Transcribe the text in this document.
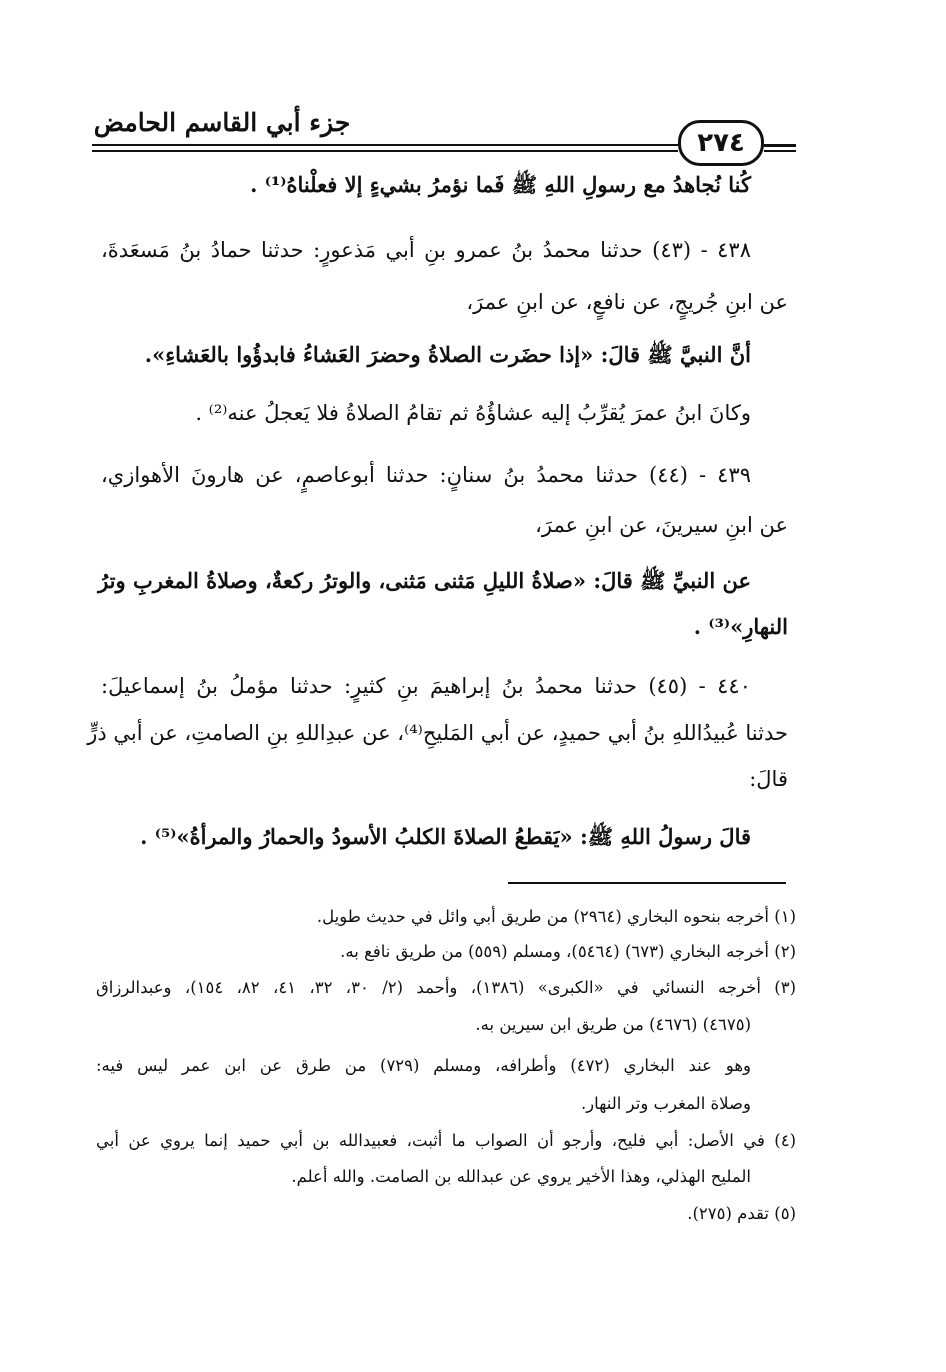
جزء أبي القاسم الحامض
٢٧٤
كُنا نُجاهدُ مع رسولِ اللهِ ﷺ فَما نؤمرُ بشيءٍ إلا فعلْناهُ⁽¹⁾ .
٤٣٨ - (٤٣) حدثنا محمدُ بنُ عمرو بنِ أبي مَذعورٍ: حدثنا حمادُ بنُ مَسعَدةَ،
عن ابنِ جُريجٍ، عن نافعٍ، عن ابنِ عمرَ،
أنَّ النبيَّ ﷺ قالَ: «إذا حضَرت الصلاةُ وحضرَ العَشاءُ فابدؤُوا بالعَشاءِ».
وكانَ ابنُ عمرَ يُقرِّبُ إليه عشاؤُهُ ثم تقامُ الصلاةُ فلا يَعجلُ عنه⁽²⁾ .
٤٣٩ - (٤٤) حدثنا محمدُ بنُ سنانٍ: حدثنا أبوعاصمٍ، عن هارونَ الأهوازي،
عن ابنِ سيرينَ، عن ابنِ عمرَ،
عن النبيِّ ﷺ قالَ: «صلاةُ الليلِ مَثنى مَثنى، والوترُ ركعةٌ، وصلاةُ المغربِ وترُ
النهارِ»⁽³⁾ .
٤٤٠ - (٤٥) حدثنا محمدُ بنُ إبراهيمَ بنِ كثيرٍ: حدثنا مؤملُ بنُ إسماعيلَ:
حدثنا عُبيدُاللهِ بنُ أبي حميدٍ، عن أبي المَليحِ⁽⁴⁾، عن عبدِاللهِ بنِ الصامتِ، عن أبي ذرٍّ
قالَ:
قالَ رسولُ اللهِ ﷺ: «يَقطعُ الصلاةَ الكلبُ الأسودُ والحمارُ والمرأةُ»⁽⁵⁾ .
(١) أخرجه بنحوه البخاري (٢٩٦٤) من طريق أبي وائل في حديث طويل.
(٢) أخرجه البخاري (٦٧٣) (٥٤٦٤)، ومسلم (٥٥٩) من طريق نافع به.
(٣) أخرجه النسائي في «الكبرى» (١٣٨٦)، وأحمد (٢/ ٣٠، ٣٢، ٤١، ٨٢، ١٥٤)، وعبدالرزاق
(٤٦٧٥) (٤٦٧٦) من طريق ابن سيرين به.
وهو عند البخاري (٤٧٢) وأطرافه، ومسلم (٧٢٩) من طرق عن ابن عمر ليس فيه:
وصلاة المغرب وتر النهار.
(٤) في الأصل: أبي فليح، وأرجو أن الصواب ما أثبت، فعبيدالله بن أبي حميد إنما يروي عن أبي
المليح الهذلي، وهذا الأخير يروي عن عبدالله بن الصامت. والله أعلم.
(٥) تقدم (٢٧٥).
